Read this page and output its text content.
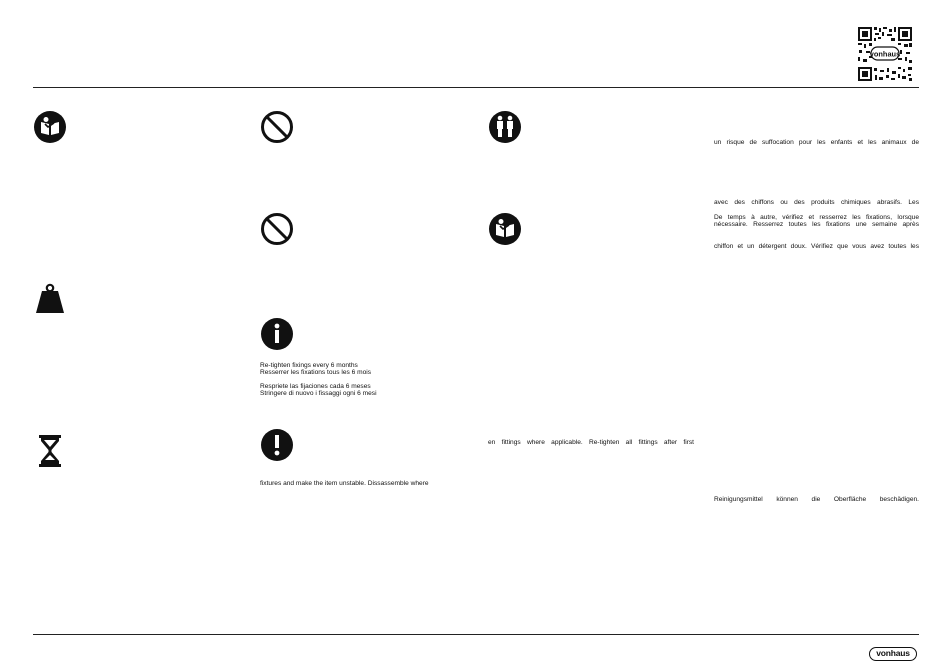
vonhaus
Re-tighten fixings every 6 months
Resserrer les fixations tous les 6 mois
Respriete las fijaciones cada 6 meses
Stringere di nuovo i fissaggi ogni 6 mesi
fixtures and make the item unstable. Dissassemble where
en fittings where applicable. Re-tighten all fittings after first
un risque de suffocation pour les enfants et les animaux de
avec des chiffons ou des produits chimiques abrasifs. Les
De temps à autre, vérifiez et resserrez les fixations, lorsque
nécessaire. Resserrez toutes les fixations une semaine après
chiffon et un détergent doux. Vérifiez que vous avez toutes les
Reinigungsmittel können die Oberfläche beschädigen.
vonhaus
